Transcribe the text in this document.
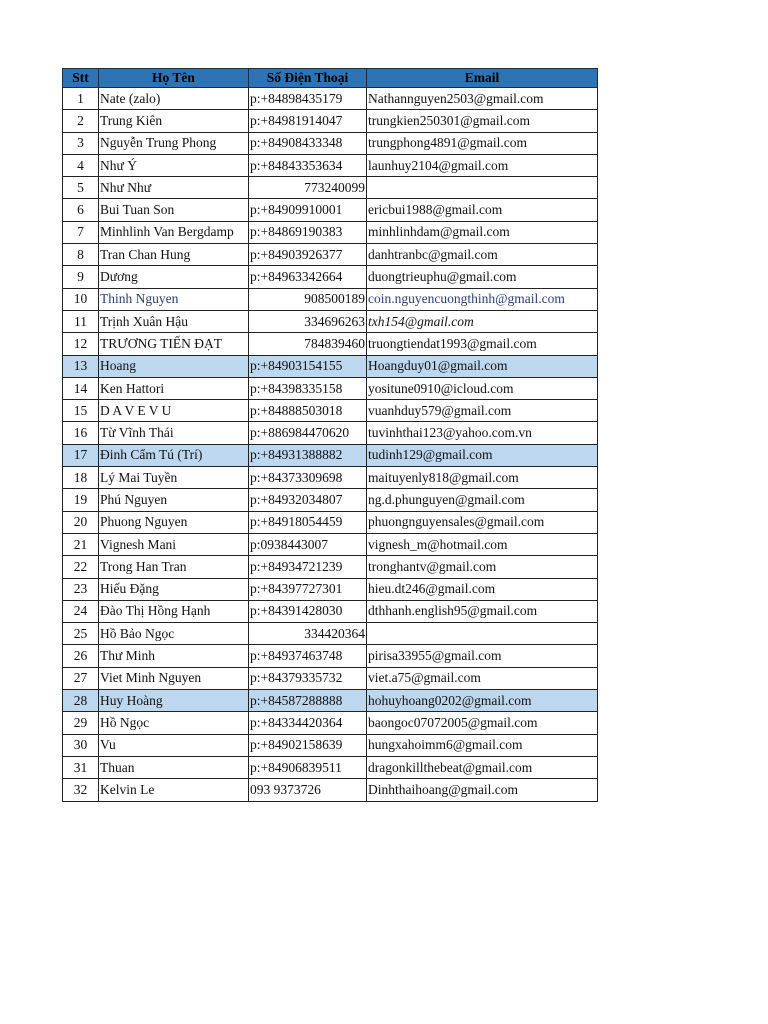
Stt	Họ Tên	Số Điện Thoại	Email
1	Nate (zalo)	p:+84898435179	Nathannguyen2503@gmail.com
2	Trung Kiên	p:+84981914047	trungkien250301@gmail.com
3	Nguyễn Trung Phong	p:+84908433348	trungphong4891@gmail.com
4	Như Ý	p:+84843353634	launhuy2104@gmail.com
5	Như Như	773240099	
6	Bui Tuan Son	p:+84909910001	ericbui1988@gmail.com
7	Minhlinh Van Bergdamp	p:+84869190383	minhlinhdam@gmail.com
8	Tran Chan Hung	p:+84903926377	danhtranbc@gmail.com
9	Dương	p:+84963342664	duongtrieuphu@gmail.com
10	Thinh Nguyen	908500189	coin.nguyencuongthinh@gmail.com
11	Trịnh Xuân Hậu	334696263	txh154@gmail.com
12	TRƯƠNG TIẾN ĐẠT	784839460	truongtiendat1993@gmail.com
13	Hoang	p:+84903154155	Hoangduy01@gmail.com
14	Ken Hattori	p:+84398335158	yositune0910@icloud.com
15	D A V E V U	p:+84888503018	vuanhduy579@gmail.com
16	Từ Vĩnh Thái	p:+886984470620	tuvinhthai123@yahoo.com.vn
17	Đinh Cẩm Tú (Trí)	p:+84931388882	tudinh129@gmail.com
18	Lý Mai Tuyền	p:+84373309698	maituyenly818@gmail.com
19	Phú Nguyen	p:+84932034807	ng.d.phunguyen@gmail.com
20	Phuong Nguyen	p:+84918054459	phuongnguyensales@gmail.com
21	Vignesh Mani	p:0938443007	vignesh_m@hotmail.com
22	Trong Han Tran	p:+84934721239	tronghantv@gmail.com
23	Hiếu Đặng	p:+84397727301	hieu.dt246@gmail.com
24	Đào Thị Hồng Hạnh	p:+84391428030	dthhanh.english95@gmail.com
25	Hồ Bảo Ngọc	334420364	
26	Thư Minh	p:+84937463748	pirisa33955@gmail.com
27	Viet Minh Nguyen	p:+84379335732	viet.a75@gmail.com
28	Huy Hoàng	p:+84587288888	hohuyhoang0202@gmail.com
29	Hồ Ngọc	p:+84334420364	baongoc07072005@gmail.com
30	Vu	p:+84902158639	hungxahoimm6@gmail.com
31	Thuan	p:+84906839511	dragonkillthebeat@gmail.com
32	Kelvin Le	093 9373726	Dinhthaihoang@gmail.com
